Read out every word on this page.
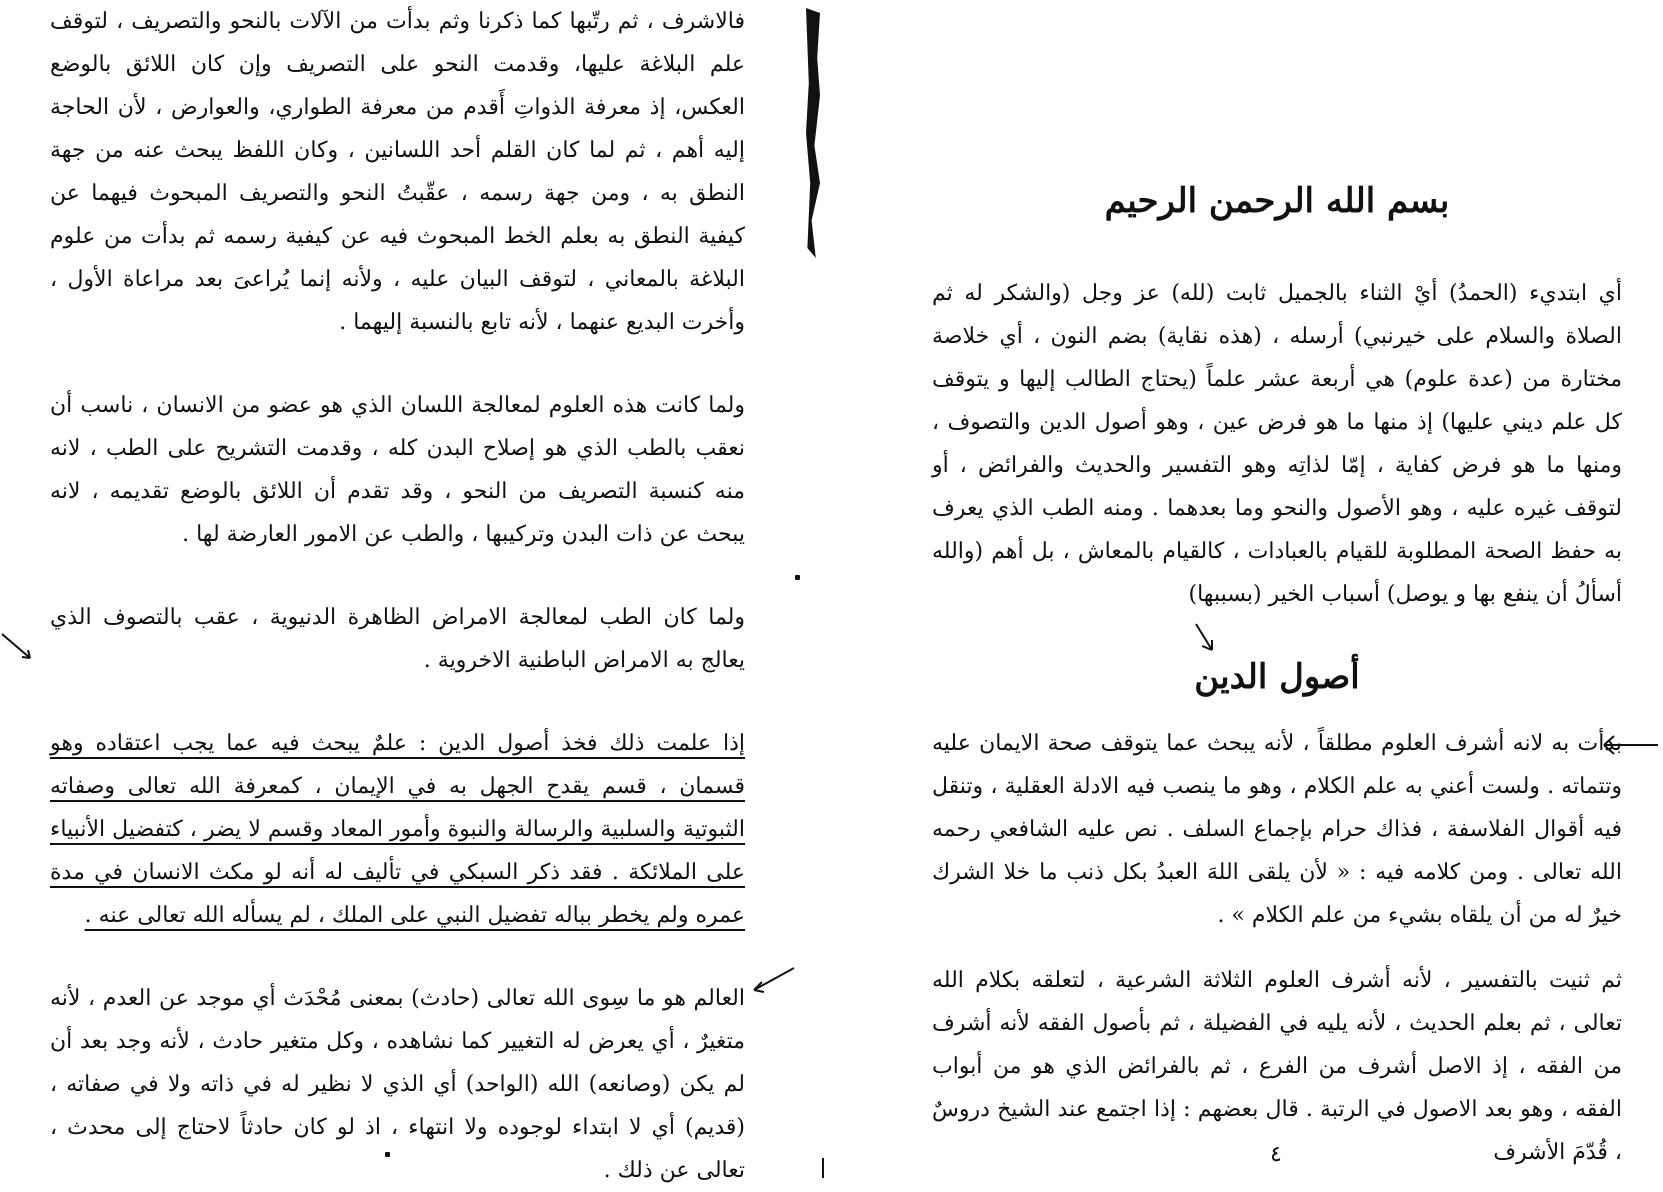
فالاشرف ، ثم رتّبها كما ذكرنا وثم بدأت من الآلات بالنحو والتصريف ، لتوقف علم البلاغة عليها، وقدمت النحو على التصريف وإن كان اللائق بالوضع العكس، إذ معرفة الذواتِ أَقدم من معرفة الطواري، والعوارض ، لأن الحاجة إليه أهم ، ثم لما كان القلم أحد اللسانين ، وكان اللفظ يبحث عنه من جهة النطق به ، ومن جهة رسمه ، عقّبتُ النحو والتصريف المبحوث فيهما عن كيفية النطق به بعلم الخط المبحوث فيه عن كيفية رسمه ثم بدأت من علوم البلاغة بالمعاني ، لتوقف البيان عليه ، ولأنه إنما يُراعىَ بعد مراعاة الأول ، وأخرت البديع عنهما ، لأنه تابع بالنسبة إليهما .

ولما كانت هذه العلوم لمعالجة اللسان الذي هو عضو من الانسان ، ناسب أن نعقب بالطب الذي هو إصلاح البدن كله ، وقدمت التشريح على الطب ، لانه منه كنسبة التصريف من النحو ، وقد تقدم أن اللائق بالوضع تقديمه ، لانه يبحث عن ذات البدن وتركيبها ، والطب عن الامور العارضة لها .

ولما كان الطب لمعالجة الامراض الظاهرة الدنيوية ، عقب بالتصوف الذي يعالج به الامراض الباطنية الاخروية .

إذا علمت ذلك فخذ أصول الدين : علمٌ يبحث فيه عما يجب اعتقاده وهو قسمان ، قسم يقدح الجهل به في الإيمان ، كمعرفة الله تعالى وصفاته الثبوتية والسلبية والرسالة والنبوة وأمور المعاد وقسم لا يضر ، كتفضيل الأنبياء على الملائكة . فقد ذكر السبكي في تأليف له أنه لو مكث الانسان في مدة عمره ولم يخطر بباله تفضيل النبي على الملك ، لم يسأله الله تعالى عنه .

العالم هو ما سِوى الله تعالى (حادث) بمعنى مُحْدَث أي موجد عن العدم ، لأنه متغيرٌ ، أي يعرض له التغيير كما نشاهده ، وكل متغير حادث ، لأنه وجد بعد أن لم يكن (وصانعه) الله (الواحد) أي الذي لا نظير له في ذاته ولا في صفاته ، (قديم) أي لا ابتداء لوجوده ولا انتهاء ، اذ لو كان حادثاً لاحتاج إلى محدث ، تعالى عن ذلك .

بسم الله الرحمن الرحيم

أي ابتديء (الحمدُ) أيْ الثناء بالجميل ثابت (لله) عز وجل (والشكر له ثم الصلاة والسلام على خيرنبي) أرسله ، (هذه نقاية) بضم النون ، أي خلاصة مختارة من (عدة علوم) هي أربعة عشر علماً (يحتاج الطالب إليها و يتوقف كل علم ديني عليها) إذ منها ما هو فرض عين ، وهو أصول الدين والتصوف ، ومنها ما هو فرض كفاية ، إمّا لذاتِه وهو التفسير والحديث والفرائض ، أو لتوقف غيره عليه ، وهو الأصول والنحو وما بعدهما . ومنه الطب الذي يعرف به حفظ الصحة المطلوبة للقيام بالعبادات ، كالقيام بالمعاش ، بل أهم (والله أسألُ أن ينفع بها و يوصل) أسباب الخير (بسببها)

أصول الدين

بدأت به لانه أشرف العلوم مطلقاً ، لأنه يبحث عما يتوقف صحة الايمان عليه وتتماته . ولست أعني به علم الكلام ، وهو ما ينصب فيه الادلة العقلية ، وتنقل فيه أقوال الفلاسفة ، فذاك حرام بإجماع السلف . نص عليه الشافعي رحمه الله تعالى . ومن كلامه فيه : « لأن يلقى اللهَ العبدُ بكل ذنب ما خلا الشرك خيرٌ له من أن يلقاه بشيء من علم الكلام » .

ثم ثنيت بالتفسير ، لأنه أشرف العلوم الثلاثة الشرعية ، لتعلقه بكلام الله تعالى ، ثم بعلم الحديث ، لأنه يليه في الفضيلة ، ثم بأصول الفقه لأنه أشرف من الفقه ، إذ الاصل أشرف من الفرع ، ثم بالفرائض الذي هو من أبواب الفقه ، وهو بعد الاصول في الرتبة . قال بعضهم : إذا اجتمع عند الشيخ دروسٌ ، قُدّمَ الأشرف

٤
